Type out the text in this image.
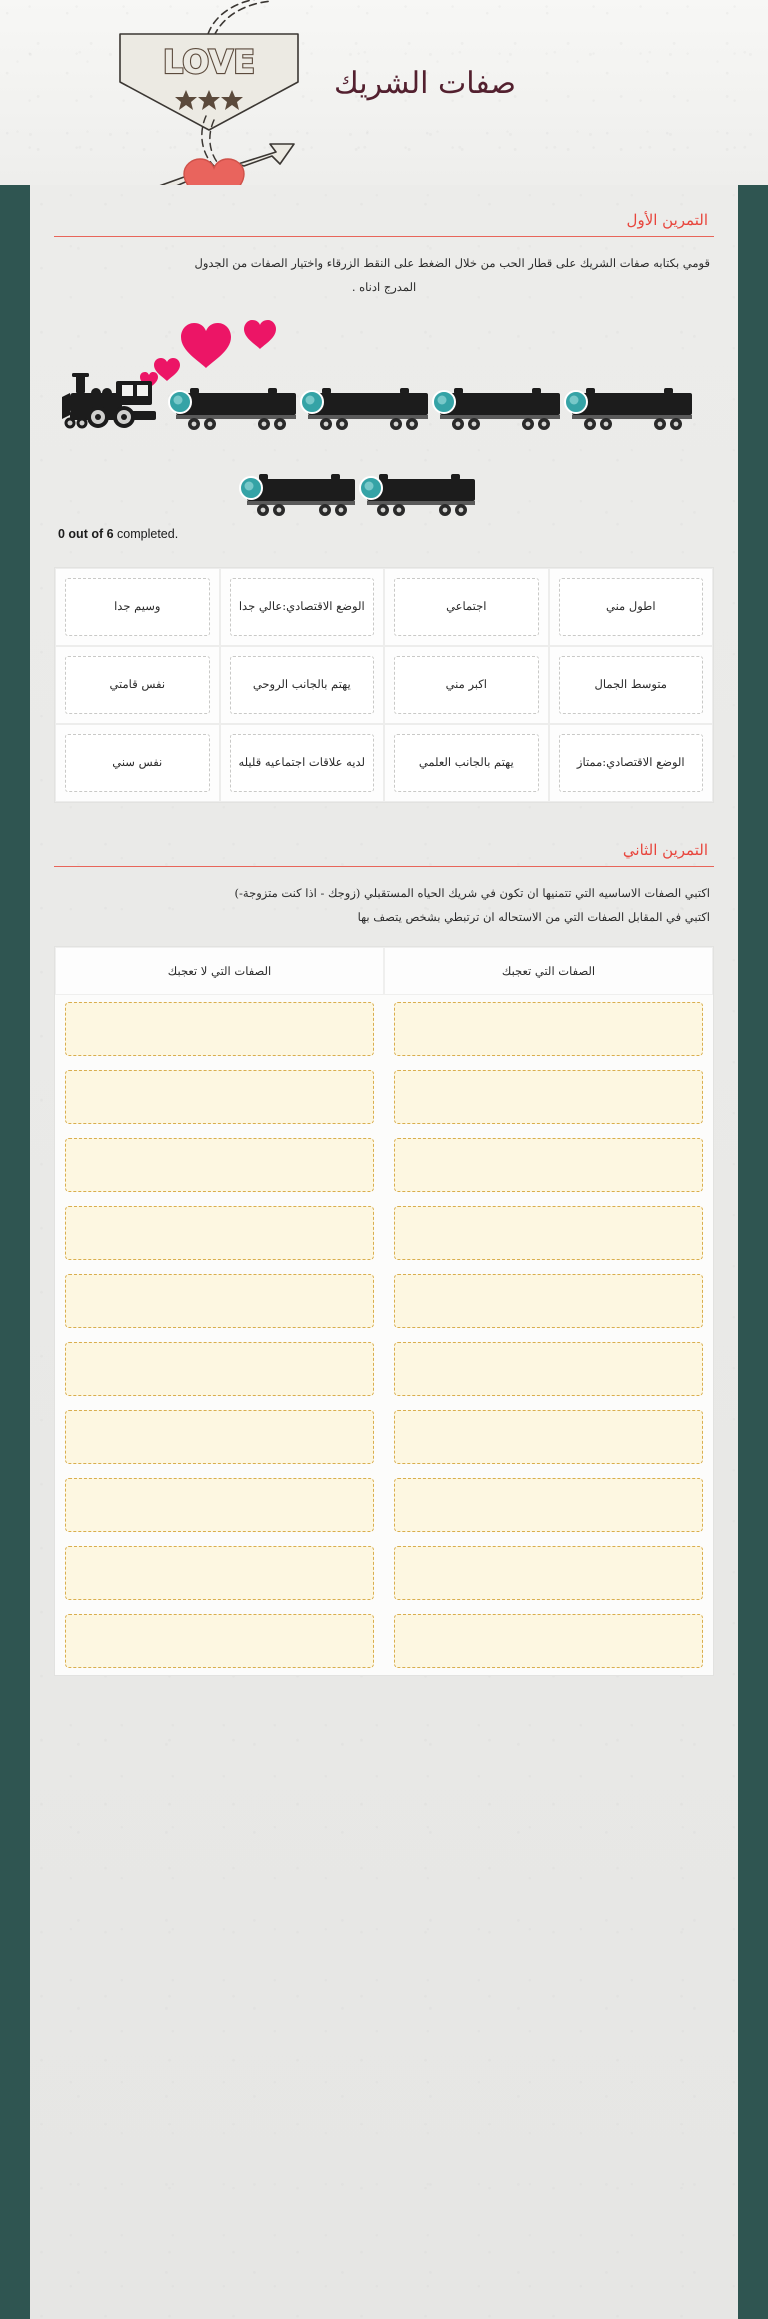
صفات الشريك
LOVE
التمرين الأول
قومي بكتابه صفات الشريك على قطار الحب من خلال الضغط على النقط الزرقاء واختيار الصفات من الجدول
المدرج ادناه .
0 out of 6 completed.
اطول مني
اجتماعي
الوضع الاقتصادي:عالي جدا
وسيم جدا
متوسط الجمال
اكبر مني
يهتم بالجانب الروحي
نفس قامتي
الوضع الاقتصادي:ممتاز
يهتم بالجانب العلمي
لديه علاقات اجتماعيه قليله
نفس سني
التمرين الثاني
اكتبي الصفات الاساسيه التي تتمنيها ان تكون في شريك الحياه المستقبلي (زوجك - اذا كنت متزوجة-)
اكتبي في المقابل الصفات التي من الاستحاله ان ترتبطي بشخص يتصف بها
الصفات التي تعجبك
الصفات التي لا تعجبك
